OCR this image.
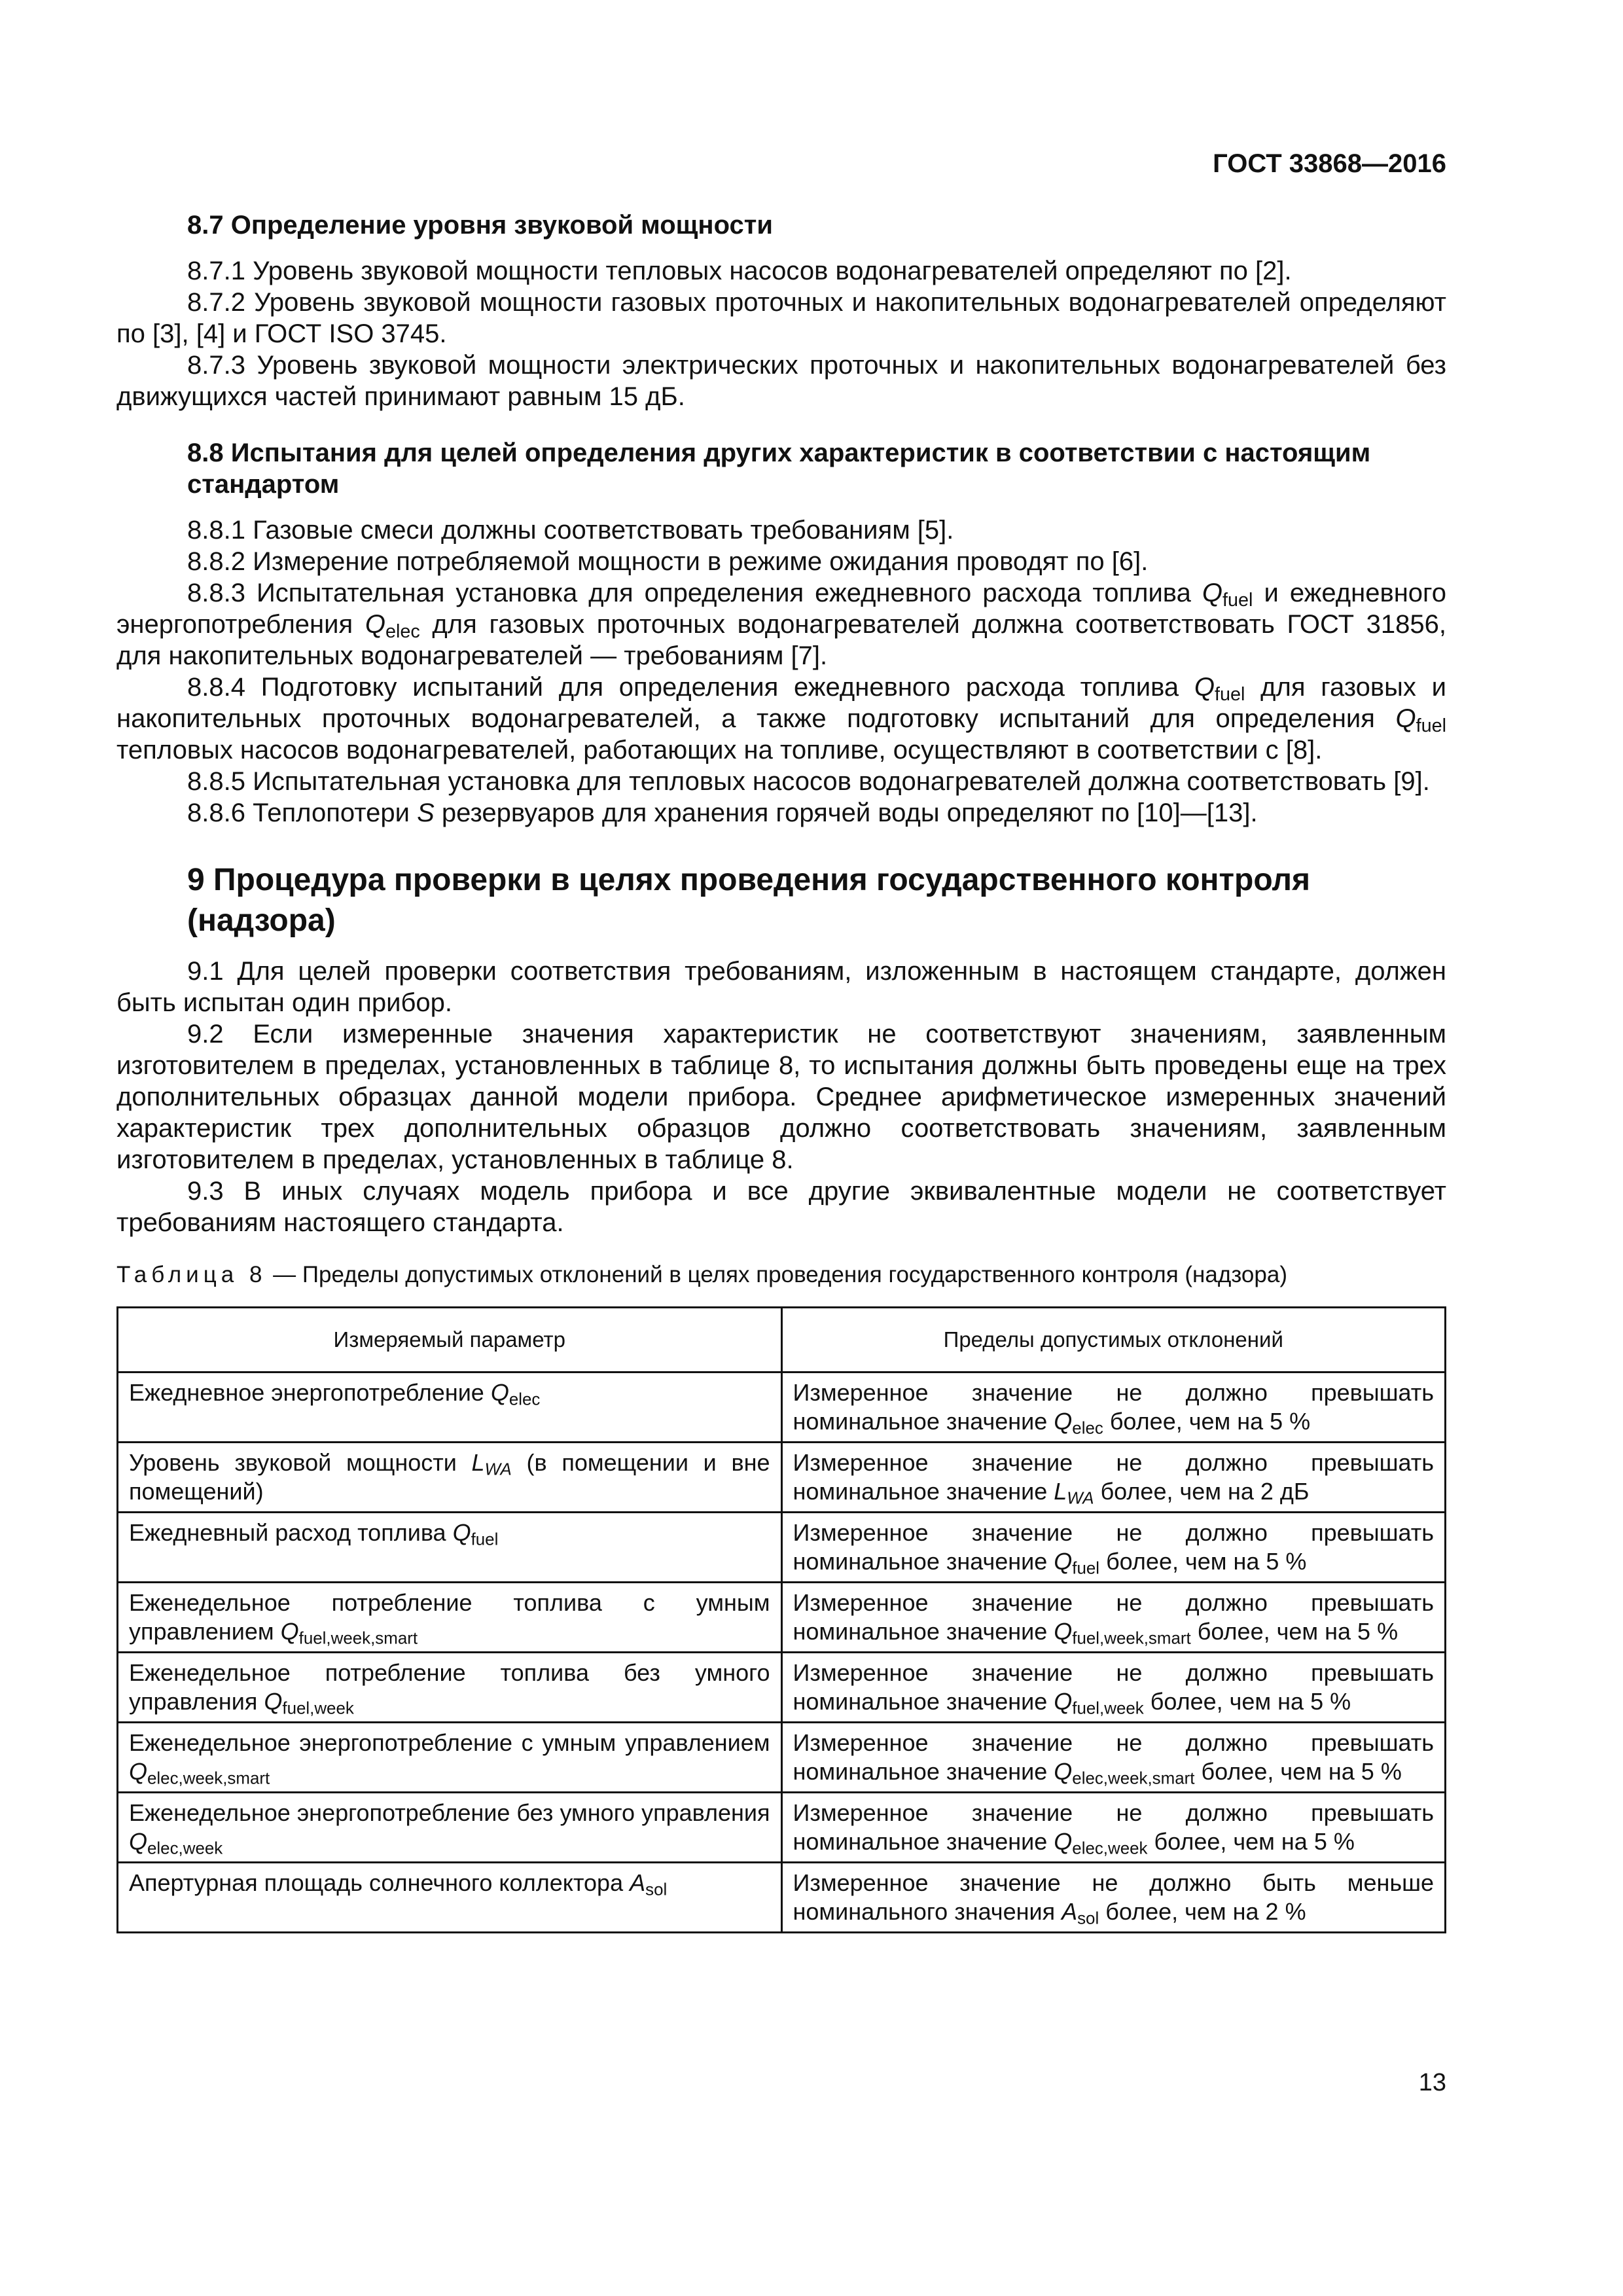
ГОСТ 33868—2016
8.7 Определение уровня звуковой мощности

8.7.1 Уровень звуковой мощности тепловых насосов водонагревателей определяют по [2].

8.7.2 Уровень звуковой мощности газовых проточных и накопительных водонагревателей определяют по [3], [4] и ГОСТ ISO 3745.

8.7.3 Уровень звуковой мощности электрических проточных и накопительных водонагревателей без движущихся частей принимают равным 15 дБ.

8.8 Испытания для целей определения других характеристик в соответствии с настоящим стандартом

8.8.1 Газовые смеси должны соответствовать требованиям [5].

8.8.2 Измерение потребляемой мощности в режиме ожидания проводят по [6].

8.8.3 Испытательная установка для определения ежедневного расхода топлива $Q_{fuel}$ и ежедневного энергопотребления $Q_{elec}$ для газовых проточных водонагревателей должна соответствовать ГОСТ 31856, для накопительных водонагревателей — требованиям [7].

8.8.4 Подготовку испытаний для определения ежедневного расхода топлива $Q_{fuel}$ для газовых и накопительных проточных водонагревателей, а также подготовку испытаний для определения $Q_{fuel}$ тепловых насосов водонагревателей, работающих на топливе, осуществляют в соответствии с [8].

8.8.5 Испытательная установка для тепловых насосов водонагревателей должна соответствовать [9].

8.8.6 Теплопотери S резервуаров для хранения горячей воды определяют по [10]—[13].

9 Процедура проверки в целях проведения государственного контроля (надзора)

9.1 Для целей проверки соответствия требованиям, изложенным в настоящем стандарте, должен быть испытан один прибор.

9.2 Если измеренные значения характеристик не соответствуют значениям, заявленным изготовителем в пределах, установленных в таблице 8, то испытания должны быть проведены еще на трех дополнительных образцах данной модели прибора. Среднее арифметическое измеренных значений характеристик трех дополнительных образцов должно соответствовать значениям, заявленным изготовителем в пределах, установленных в таблице 8.

9.3 В иных случаях модель прибора и все другие эквивалентные модели не соответствует требованиям настоящего стандарта.

Таблица 8 — Пределы допустимых отклонений в целях проведения государственного контроля (надзора)
Измеряемый параметр	Пределы допустимых отклонений
Ежедневное энергопотребление $Q_{elec}$	Измеренное значение не должно превышать номинальное значение $Q_{elec}$ более, чем на 5 %
Уровень звуковой мощности $L_{WA}$ (в помещении и вне помещений)	Измеренное значение не должно превышать номинальное значение $L_{WA}$ более, чем на 2 дБ
Ежедневный расход топлива $Q_{fuel}$	Измеренное значение не должно превышать номинальное значение $Q_{fuel}$ более, чем на 5 %
Еженедельное потребление топлива с умным управлением $Q_{fuel,week,smart}$	Измеренное значение не должно превышать номинальное значение $Q_{fuel,week,smart}$ более, чем на 5 %
Еженедельное потребление топлива без умного управления $Q_{fuel,week}$	Измеренное значение не должно превышать номинальное значение $Q_{fuel,week}$ более, чем на 5 %
Еженедельное энергопотребление с умным управлением $Q_{elec,week,smart}$	Измеренное значение не должно превышать номинальное значение $Q_{elec,week,smart}$ более, чем на 5 %
Еженедельное энергопотребление без умного управления $Q_{elec,week}$	Измеренное значение не должно превышать номинальное значение $Q_{elec,week}$ более, чем на 5 %
Апертурная площадь солнечного коллектора $A_{sol}$	Измеренное значение не должно быть меньше номинального значения $A_{sol}$ более, чем на 2 %
13
